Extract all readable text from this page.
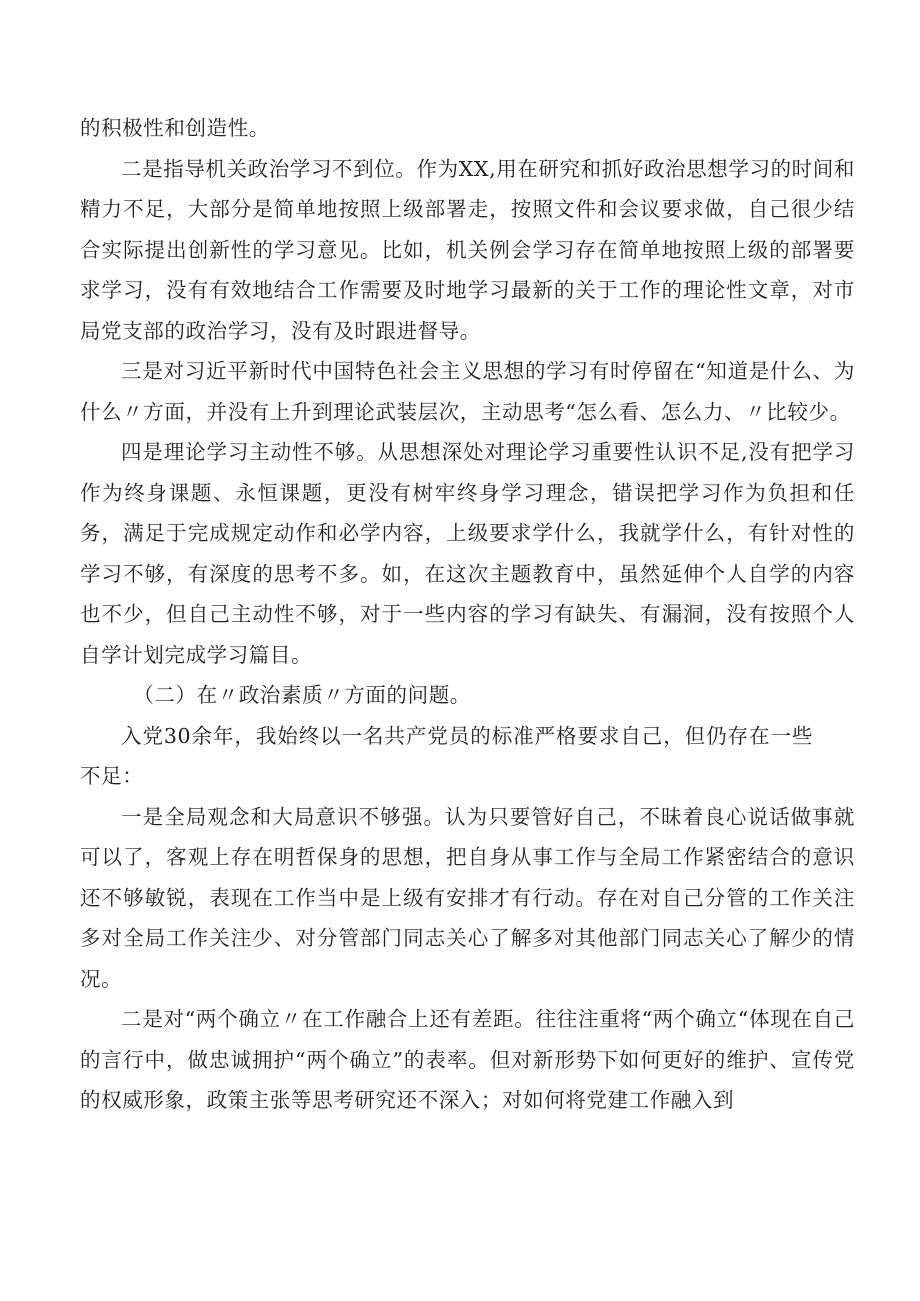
的积极性和创造性。

二是指导机关政治学习不到位。作为XX,用在研究和抓好政治思想学习的时间和精力不足，大部分是简单地按照上级部署走，按照文件和会议要求做，自己很少结合实际提出创新性的学习意见。比如，机关例会学习存在简单地按照上级的部署要求学习，没有有效地结合工作需要及时地学习最新的关于工作的理论性文章，对市局党支部的政治学习，没有及时跟进督导。

三是对习近平新时代中国特色社会主义思想的学习有时停留在“知道是什么、为什么〃方面，并没有上升到理论武装层次，主动思考“怎么看、怎么力、〃比较少。

四是理论学习主动性不够。从思想深处对理论学习重要性认识不足,没有把学习作为终身课题、永恒课题，更没有树牢终身学习理念，错误把学习作为负担和任务，满足于完成规定动作和必学内容，上级要求学什么，我就学什么，有针对性的学习不够，有深度的思考不多。如，在这次主题教育中，虽然延伸个人自学的内容也不少，但自己主动性不够，对于一些内容的学习有缺失、有漏洞，没有按照个人自学计划完成学习篇目。

（二）在〃政治素质〃方面的问题。

入党30余年，我始终以一名共产党员的标准严格要求自己，但仍存在一些不足：

一是全局观念和大局意识不够强。认为只要管好自己，不昧着良心说话做事就可以了，客观上存在明哲保身的思想，把自身从事工作与全局工作紧密结合的意识还不够敏锐，表现在工作当中是上级有安排才有行动。存在对自己分管的工作关注多对全局工作关注少、对分管部门同志关心了解多对其他部门同志关心了解少的情况。

二是对“两个确立〃在工作融合上还有差距。往往注重将“两个确立“体现在自己的言行中，做忠诚拥护“两个确立”的表率。但对新形势下如何更好的维护、宣传党的权威形象，政策主张等思考研究还不深入；对如何将党建工作融入到
